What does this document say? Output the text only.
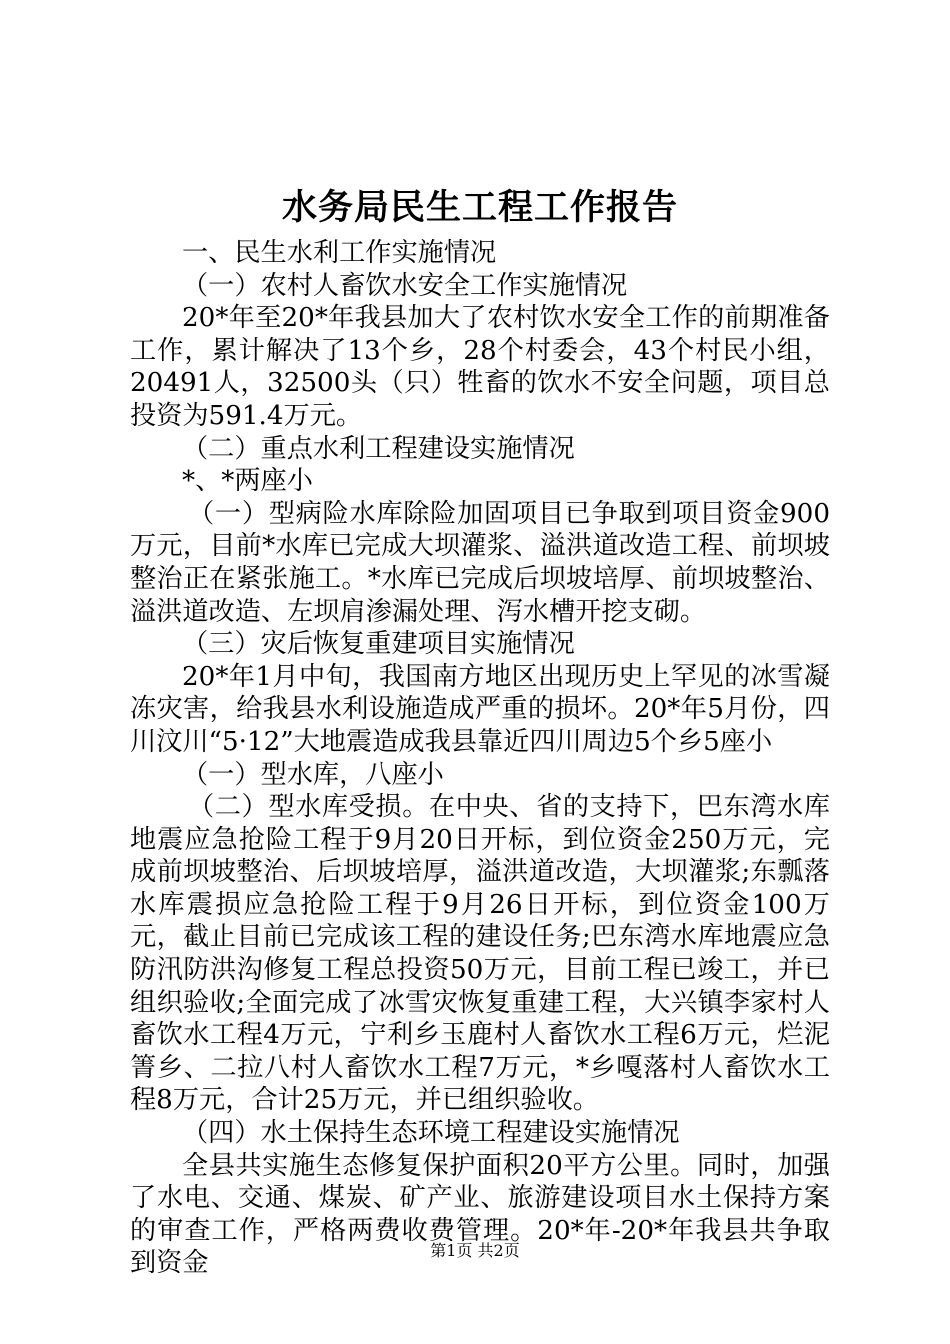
水务局民生工程工作报告

一、民生水利工作实施情况

（一）农村人畜饮水安全工作实施情况

20*年至20*年我县加大了农村饮水安全工作的前期准备工作，累计解决了13个乡，28个村委会，43个村民小组，20491人，32500头（只）牲畜的饮水不安全问题，项目总投资为591.4万元。

（二）重点水利工程建设实施情况

*、*两座小

（一）型病险水库除险加固项目已争取到项目资金900万元，目前*水库已完成大坝灌浆、溢洪道改造工程、前坝坡整治正在紧张施工。*水库已完成后坝坡培厚、前坝坡整治、溢洪道改造、左坝肩渗漏处理、泻水槽开挖支砌。

（三）灾后恢复重建项目实施情况

20*年1月中旬，我国南方地区出现历史上罕见的冰雪凝冻灾害，给我县水利设施造成严重的损坏。20*年5月份，四川汶川“5·12”大地震造成我县靠近四川周边5个乡5座小

（一）型水库，八座小

（二）型水库受损。在中央、省的支持下，巴东湾水库地震应急抢险工程于9月20日开标，到位资金250万元，完成前坝坡整治、后坝坡培厚，溢洪道改造，大坝灌浆;东瓢落水库震损应急抢险工程于9月26日开标，到位资金100万元，截止目前已完成该工程的建设任务;巴东湾水库地震应急防汛防洪沟修复工程总投资50万元，目前工程已竣工，并已组织验收;全面完成了冰雪灾恢复重建工程，大兴镇李家村人畜饮水工程4万元，宁利乡玉鹿村人畜饮水工程6万元，烂泥箐乡、二拉八村人畜饮水工程7万元，*乡嘎落村人畜饮水工程8万元，合计25万元，并已组织验收。

（四）水土保持生态环境工程建设实施情况

全县共实施生态修复保护面积20平方公里。同时，加强了水电、交通、煤炭、矿产业、旅游建设项目水土保持方案的审查工作，严格两费收费管理。20*年-20*年我县共争取到资金	第1页 共2页
